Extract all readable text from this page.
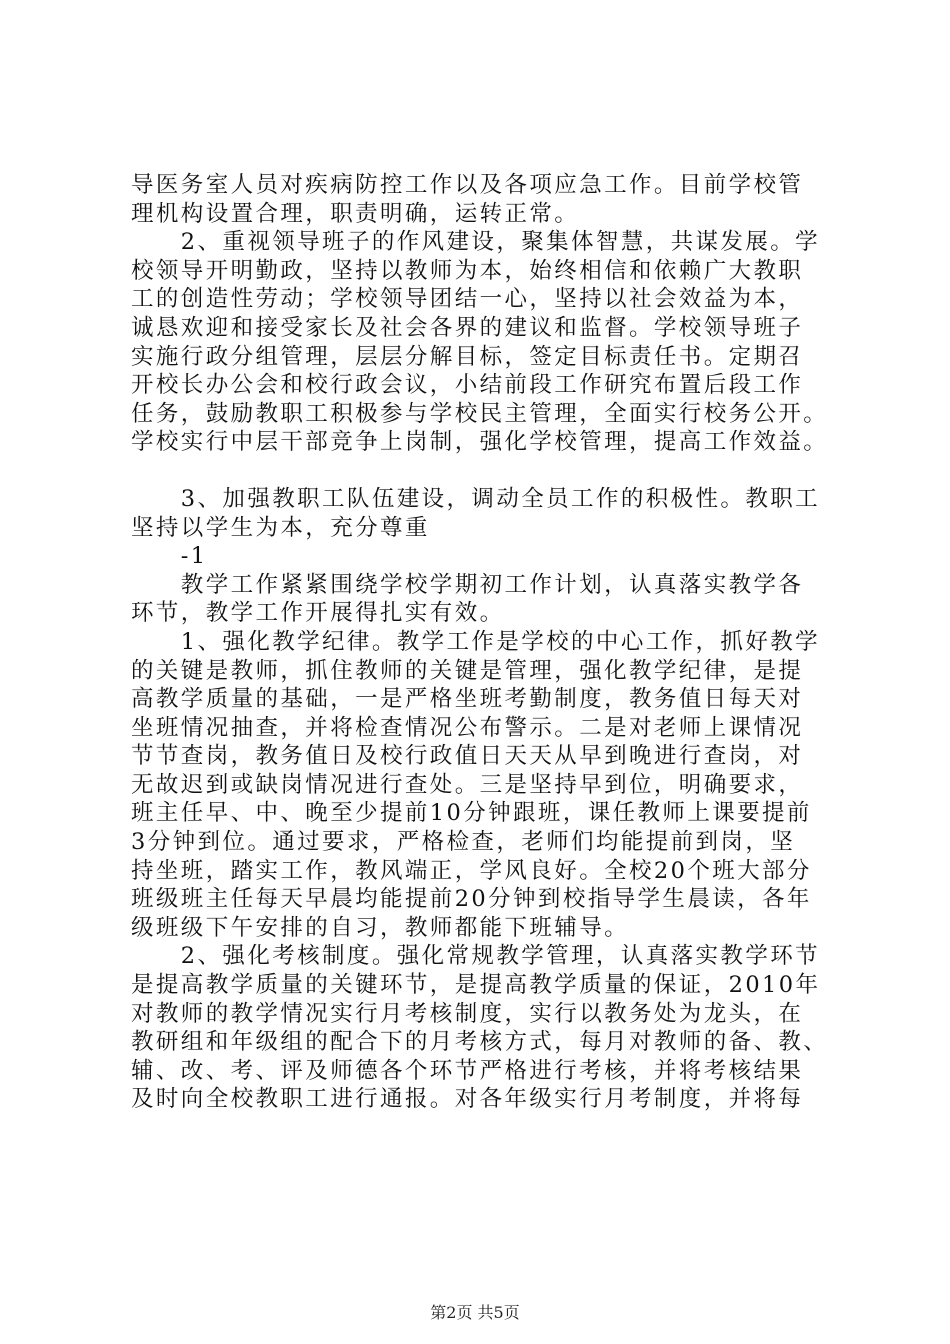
导医务室人员对疾病防控工作以及各项应急工作。目前学校管
理机构设置合理，职责明确，运转正常。
　　2、重视领导班子的作风建设，聚集体智慧，共谋发展。学
校领导开明勤政，坚持以教师为本，始终相信和依赖广大教职
工的创造性劳动；学校领导团结一心，坚持以社会效益为本，
诚恳欢迎和接受家长及社会各界的建议和监督。学校领导班子
实施行政分组管理，层层分解目标，签定目标责任书。定期召
开校长办公会和校行政会议，小结前段工作研究布置后段工作
任务，鼓励教职工积极参与学校民主管理，全面实行校务公开。
学校实行中层干部竞争上岗制，强化学校管理，提高工作效益。
　　3、加强教职工队伍建设，调动全员工作的积极性。教职工
坚持以学生为本，充分尊重
　　-1
　　教学工作紧紧围绕学校学期初工作计划，认真落实教学各
环节，教学工作开展得扎实有效。
　　1、强化教学纪律。教学工作是学校的中心工作，抓好教学
的关键是教师，抓住教师的关键是管理，强化教学纪律，是提
高教学质量的基础，一是严格坐班考勤制度，教务值日每天对
坐班情况抽查，并将检查情况公布警示。二是对老师上课情况
节节查岗，教务值日及校行政值日天天从早到晚进行查岗，对
无故迟到或缺岗情况进行查处。三是坚持早到位，明确要求，
班主任早、中、晚至少提前10分钟跟班，课任教师上课要提前
3分钟到位。通过要求，严格检查，老师们均能提前到岗，坚
持坐班，踏实工作，教风端正，学风良好。全校20个班大部分
班级班主任每天早晨均能提前20分钟到校指导学生晨读，各年
级班级下午安排的自习，教师都能下班辅导。
　　2、强化考核制度。强化常规教学管理，认真落实教学环节
是提高教学质量的关键环节，是提高教学质量的保证，2010年
对教师的教学情况实行月考核制度，实行以教务处为龙头，在
教研组和年级组的配合下的月考核方式，每月对教师的备、教、
辅、改、考、评及师德各个环节严格进行考核，并将考核结果
及时向全校教职工进行通报。对各年级实行月考制度，并将每
第2页 共5页
